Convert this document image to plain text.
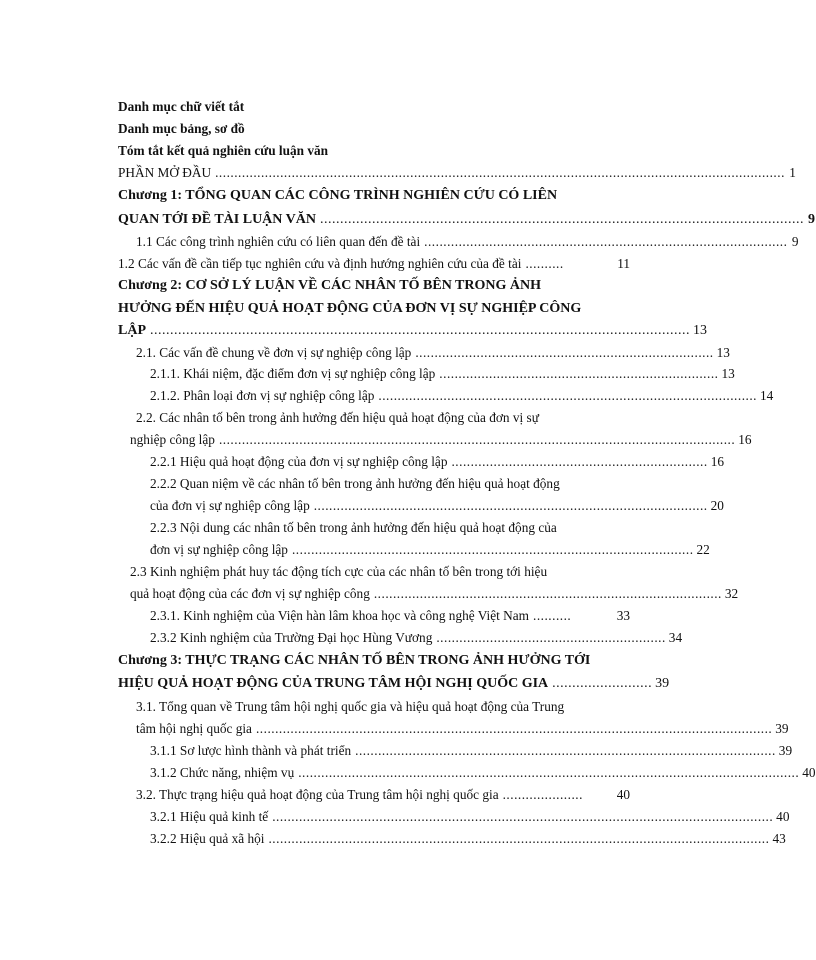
Danh mục chữ viết tắt
Danh mục bảng, sơ đồ
Tóm tắt kết quả nghiên cứu luận văn
PHẦN MỞ ĐẦU ..................................................................................................................................................... 1
Chương 1: TỔNG QUAN CÁC CÔNG TRÌNH NGHIÊN CỨU CÓ LIÊN
QUAN TỚI ĐỀ TÀI LUẬN VĂN ......................................................................................................................... 9
1.1 Các công trình nghiên cứu có liên quan đến đề tài ............................................................................................... 9
1.2 Các vấn đề cần tiếp tục nghiên cứu và định hướng nghiên cứu của đề tài ..........	11
Chương 2: CƠ SỞ LÝ LUẬN VỀ CÁC NHÂN TỐ BÊN TRONG ẢNH
HƯỞNG ĐẾN HIỆU QUẢ HOẠT ĐỘNG CỦA ĐƠN VỊ SỰ NGHIỆP CÔNG
LẬP ....................................................................................................................................... 13
2.1. Các vấn đề chung về đơn vị sự nghiệp công lập .............................................................................. 13
2.1.1. Khái niệm, đặc điểm đơn vị sự nghiệp công lập ......................................................................... 13
2.1.2. Phân loại đơn vị sự nghiệp công lập ................................................................................................... 14
2.2. Các nhân tố bên trong ảnh hưởng đến hiệu quả hoạt động của đơn vị sự
nghiệp công lập ....................................................................................................................................... 16
2.2.1 Hiệu quả hoạt động của đơn vị sự nghiệp công lập ................................................................... 16
2.2.2 Quan niệm về các nhân tố bên trong ảnh hưởng đến hiệu quả hoạt động
của đơn vị sự nghiệp công lập ....................................................................................................... 20
2.2.3 Nội dung các nhân tố bên trong ảnh hưởng đến hiệu quả hoạt động của
đơn vị sự nghiệp công lập ......................................................................................................... 22
2.3 Kinh nghiệm phát huy tác động tích cực của các nhân tố bên trong tới hiệu
quả hoạt động của các đơn vị sự nghiệp công ........................................................................................... 32
2.3.1. Kinh nghiệm của Viện hàn lâm khoa học và công nghệ Việt Nam ..........	33
2.3.2 Kinh nghiệm của Trường Đại học Hùng Vương ............................................................ 34
Chương 3: THỰC TRẠNG CÁC NHÂN TỐ BÊN TRONG ẢNH HƯỞNG TỚI
HIỆU QUẢ HOẠT ĐỘNG CỦA TRUNG TÂM HỘI NGHỊ QUỐC GIA ......................... 39
3.1. Tổng quan về Trung tâm hội nghị quốc gia và hiệu quả hoạt động của Trung
tâm hội nghị quốc gia ....................................................................................................................................... 39
3.1.1 Sơ lược hình thành và phát triển .............................................................................................................. 39
3.1.2 Chức năng, nhiệm vụ ................................................................................................................................... 40
3.2. Thực trạng hiệu quả hoạt động của Trung tâm hội nghị quốc gia .....................	40
3.2.1 Hiệu quả kinh tế ................................................................................................................................... 40
3.2.2 Hiệu quả xã hội ................................................................................................................................... 43
